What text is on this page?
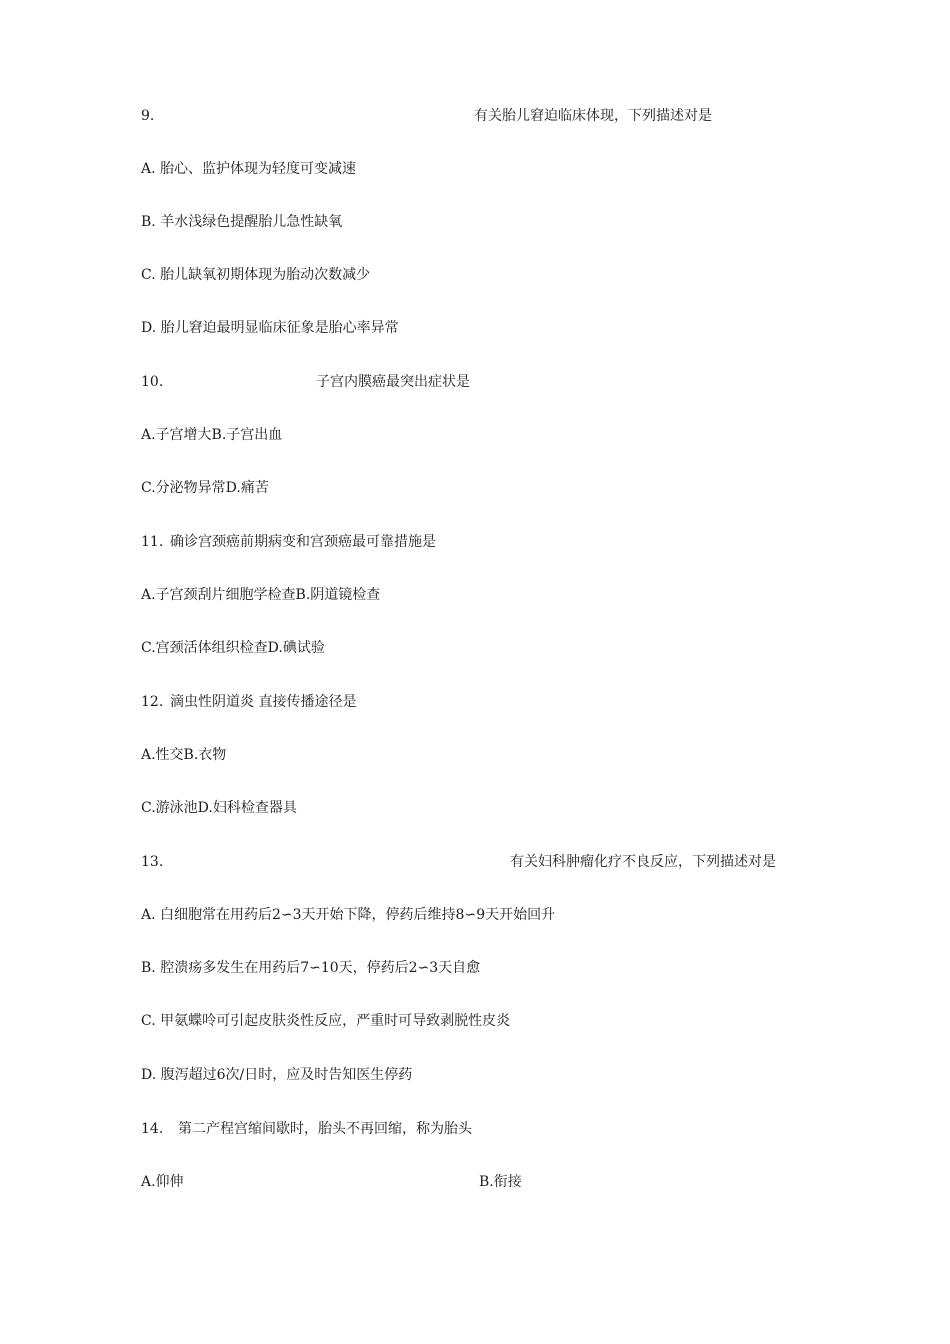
9.	有关胎儿窘迫临床体现，下列描述对是
A. 胎心、监护体现为轻度可变减速
B. 羊水浅绿色提醒胎儿急性缺氧
C. 胎儿缺氧初期体现为胎动次数减少
D. 胎儿窘迫最明显临床征象是胎心率异常
10.	子宫内膜癌最突出症状是
A.子宫增大B.子宫出血
C.分泌物异常D.痛苦
11. 确诊宫颈癌前期病变和宫颈癌最可靠措施是
A.子宫颈刮片细胞学检查B.阴道镜检查
C.宫颈活体组织检查D.碘试验
12. 滴虫性阴道炎 直接传播途径是
A.性交B.衣物
C.游泳池D.妇科检查器具
13.	有关妇科肿瘤化疗不良反应，下列描述对是
A. 白细胞常在用药后2∽3天开始下降，停药后维持8∽9天开始回升
B. 腔溃疡多发生在用药后7∽10天，停药后2∽3天自愈
C. 甲氨蝶呤可引起皮肤炎性反应，严重时可导致剥脱性皮炎
D. 腹泻超过6次/日时，应及时告知医生停药
14. 第二产程宫缩间歇时，胎头不再回缩，称为胎头
A.仰伸	B.衔接
